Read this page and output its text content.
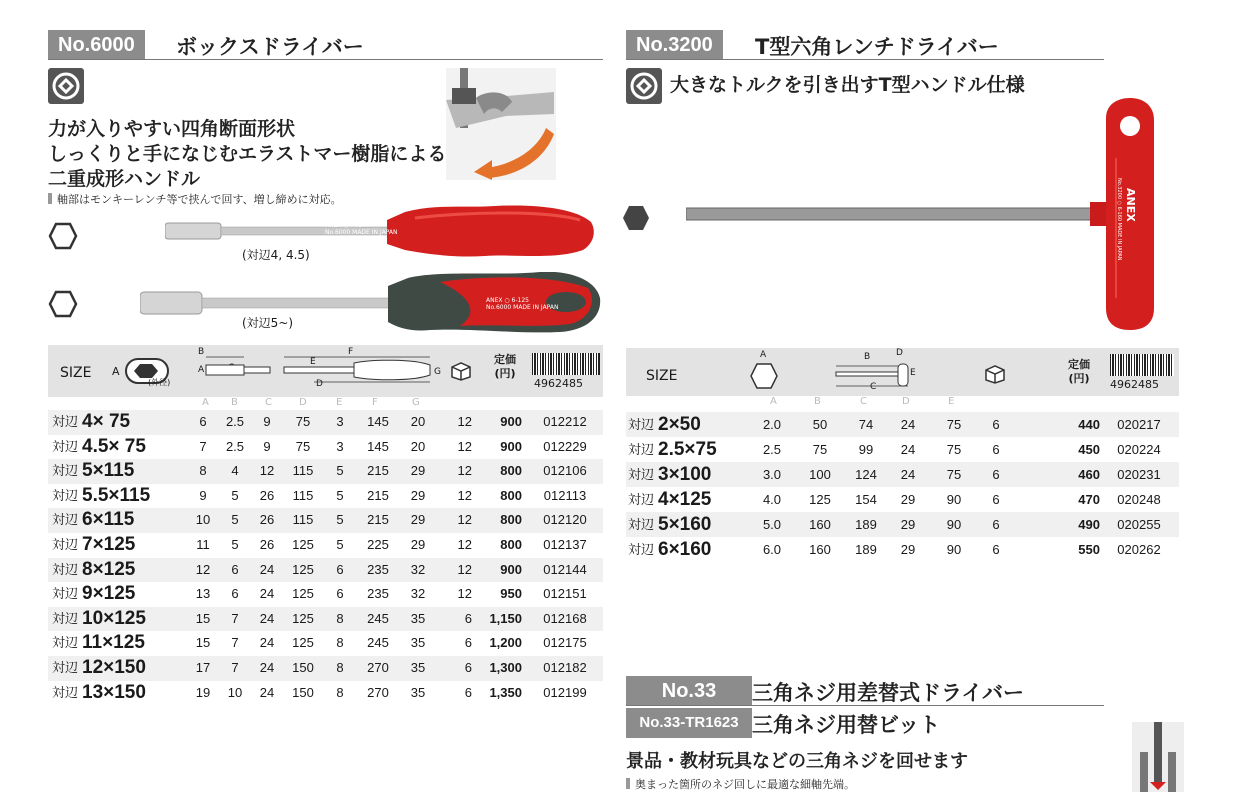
No.6000	ボックスドライバー
力が入りやすい四角断面形状
しっくりと手になじむエラストマー樹脂による
二重成形ハンドル
軸部はモンキーレンチ等で挟んで回す、増し締めに対応。
ANEX ○4-75
No.6000 MADE IN JAPAN
(対辺4, 4.5)
ANEX ○ 6-125
No.6000 MADE IN JAPAN
(対辺5~)
SIZE A
(外径)
B
A
E
F
D
G
定価
(円)
4962485
A B	C	D	E	F	G
対辺 4× 75	6	2.5	9	75	3	145	20	12	900	012212
対辺 4.5× 75	7	2.5	9	75	3	145	20	12	900	012229
対辺 5×115	8	4	12	115	5	215	29	12	800	012106
対辺 5.5×115	9	5	26	115	5	215	29	12	800	012113
対辺 6×115	10	5	26	115	5	215	29	12	800	012120
対辺 7×125	11	5	26	125	5	225	29	12	800	012137
対辺 8×125	12	6	24	125	6	235	32	12	900	012144
対辺 9×125	13	6	24	125	6	235	32	12	950	012151
対辺 10×125	15	7	24	125	8	245	35	6	1,150	012168
対辺 11×125	15	7	24	125	8	245	35	6	1,200	012175
対辺 12×150	17	7	24	150	8	270	35	6	1,300	012182
対辺 13×150	19	10	24	150	8	270	35	6	1,350	012199
No.3200	T型六角レンチドライバー
大きなトルクを引き出すT型ハンドル仕様
ANEX
No.3200 ○ 6-160 MADE IN JAPAN
SIZE
A	B	D
E
C
定価
(円) 4962485
A	B	C	D	E
対辺 2×50	2.0	50	74	24	75	6	440	020217
対辺 2.5×75	2.5	75	99	24	75	6	450	020224
対辺 3×100	3.0	100	124	24	75	6	460	020231
対辺 4×125	4.0	125	154	29	90	6	470	020248
対辺 5×160	5.0	160	189	29	90	6	490	020255
対辺 6×160	6.0	160	189	29	90	6	550	020262
No.33	三角ネジ用差替式ドライバー
No.33-TR1623 三角ネジ用替ビット
景品・教材玩具などの三角ネジを回せます
奥まった箇所のネジ回しに最適な細軸先端。
